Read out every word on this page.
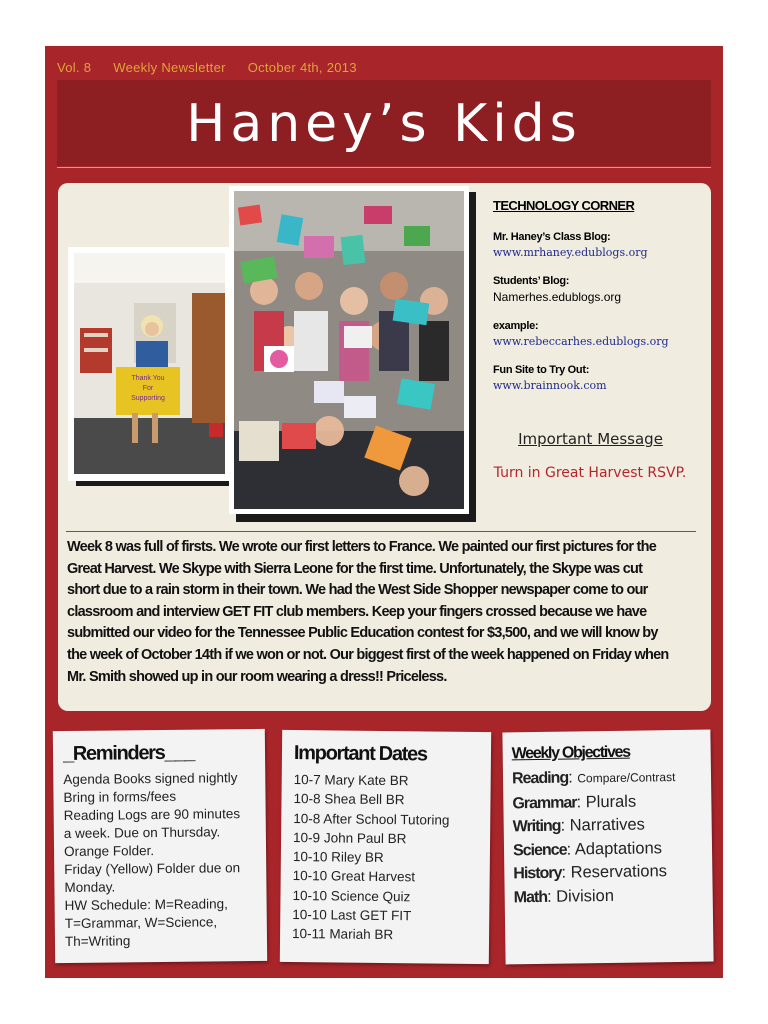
Vol. 8 Weekly Newsletter October 4th, 2013
Haney’s Kids
Thank You
For
Supporting
TECHNOLOGY CORNER
Mr. Haney’s Class Blog:
www.mrhaney.edublogs.org
Students’ Blog:
Namerhes.edublogs.org
example:
www.rebeccarhes.edublogs.org
Fun Site to Try Out:
www.brainnook.com
Important Message
Turn in Great Harvest RSVP.
Week 8 was full of firsts. We wrote our first letters to France. We painted our first pictures for the
Great Harvest. We Skype with Sierra Leone for the first time. Unfortunately, the Skype was cut
short due to a rain storm in their town. We had the West Side Shopper newspaper come to our
classroom and interview GET FIT club members. Keep your fingers crossed because we have
submitted our video for the Tennessee Public Education contest for $3,500, and we will know by
the week of October 14th if we won or not. Our biggest first of the week happened on Friday when
Mr. Smith showed up in our room wearing a dress!! Priceless.
_Reminders___
Agenda Books signed nightly
Bring in forms/fees
Reading Logs are 90 minutes
a week. Due on Thursday.
Orange Folder.
Friday (Yellow) Folder due on
Monday.
HW Schedule: M=Reading,
T=Grammar, W=Science,
Th=Writing
Important Dates
10-7 Mary Kate BR
10-8 Shea Bell BR
10-8 After School Tutoring
10-9 John Paul BR
10-10 Riley BR
10-10 Great Harvest
10-10 Science Quiz
10-10 Last GET FIT
10-11 Mariah BR
Weekly Objectives
Reading: Compare/Contrast
Grammar: Plurals
Writing: Narratives
Science: Adaptations
History: Reservations
Math: Division
